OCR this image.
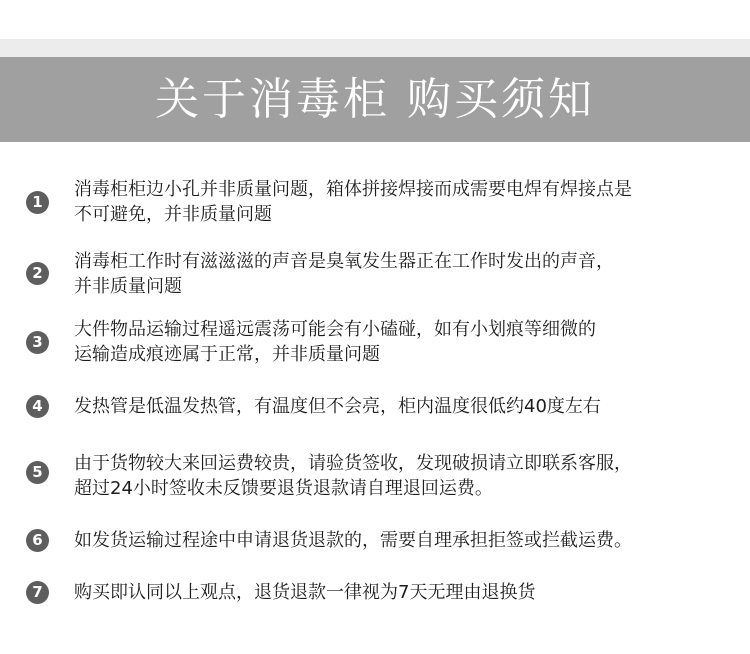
关于消毒柜 购买须知
1
消毒柜柜边小孔并非质量问题，箱体拼接焊接而成需要电焊有焊接点是
不可避免，并非质量问题
2
消毒柜工作时有滋滋滋的声音是臭氧发生器正在工作时发出的声音，
并非质量问题
3
大件物品运输过程遥远震荡可能会有小磕碰，如有小划痕等细微的
运输造成痕迹属于正常，并非质量问题
4 发热管是低温发热管，有温度但不会亮，柜内温度很低约40度左右
5 由于货物较大来回运费较贵，请验货签收，发现破损请立即联系客服，
超过24小时签收未反馈要退货退款请自理退回运费。
6 如发货运输过程途中申请退货退款的，需要自理承担拒签或拦截运费。
7 购买即认同以上观点，退货退款一律视为7天无理由退换货
